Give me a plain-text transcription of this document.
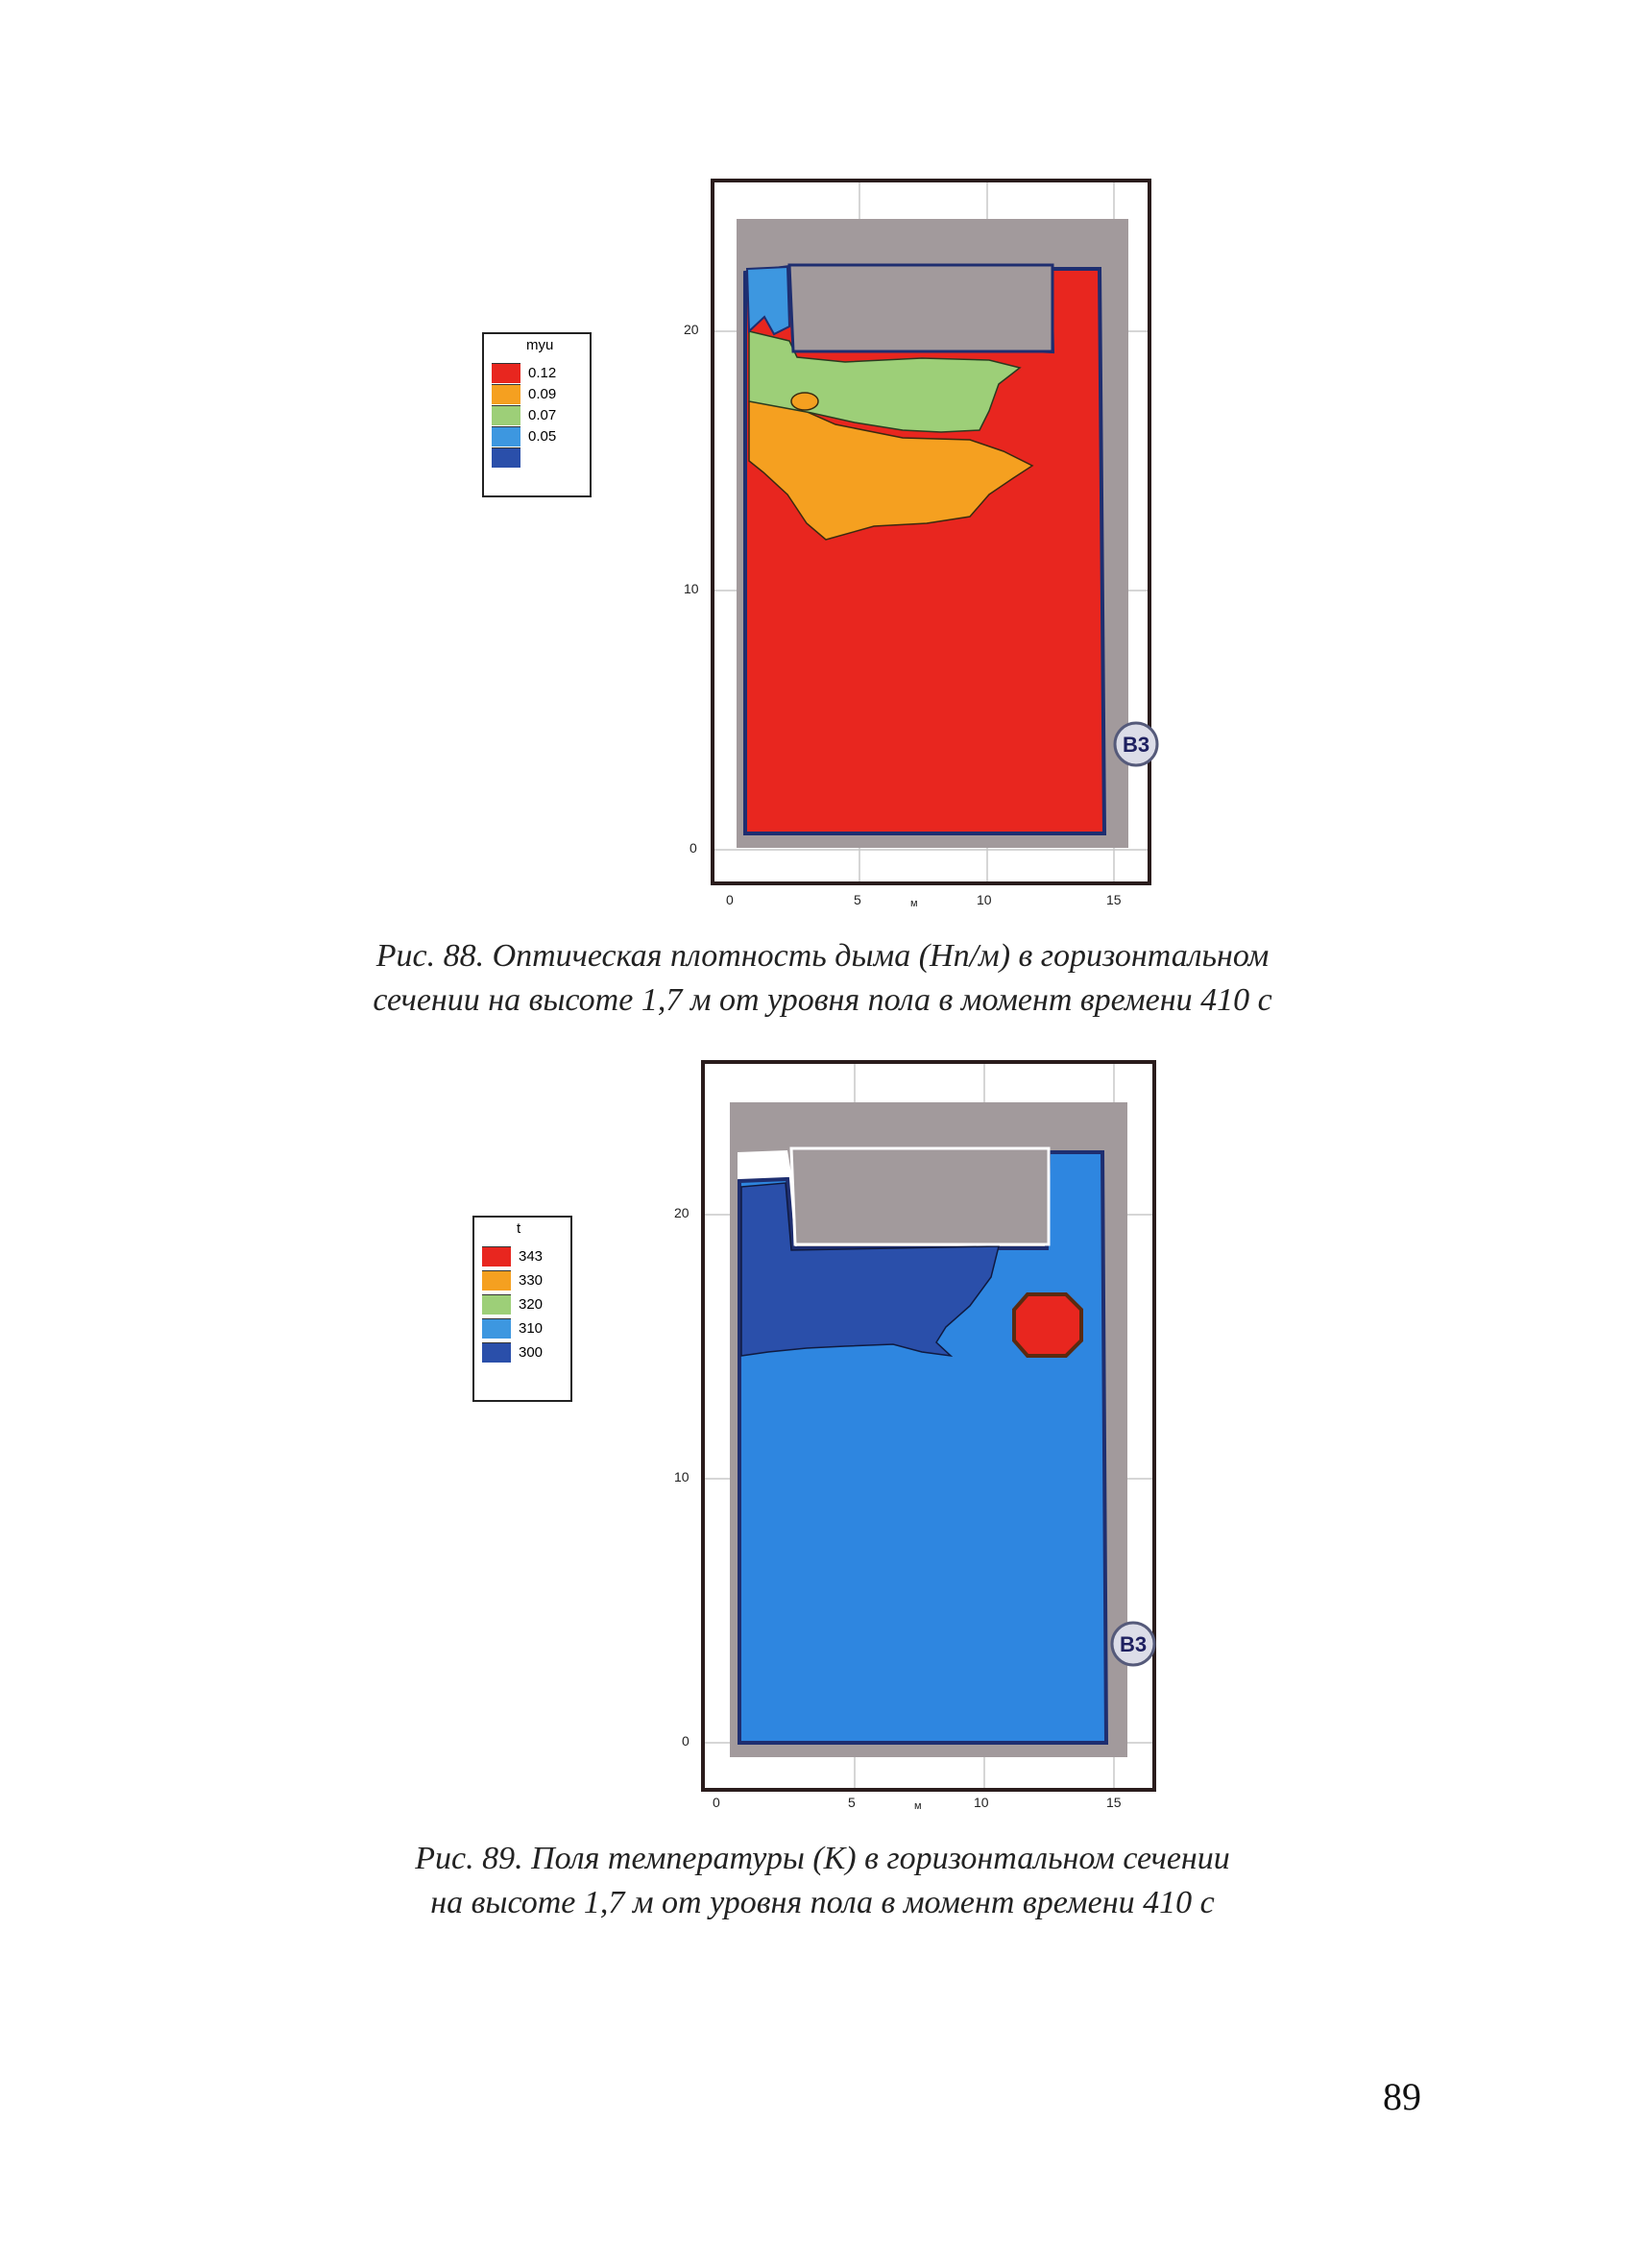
myu
0.12
0.09
0.07
0.05
20
10
0
0	5	10	15
м
B3
Рис. 88. Оптическая плотность дыма (Нп/м) в горизонтальном
сечении на высоте 1,7 м от уровня пола в момент времени 410 с
t
343
330
320
310
300
20
10
0
0	5	10	15
м
B3
Рис. 89. Поля температуры (К) в горизонтальном сечении
на высоте 1,7 м от уровня пола в момент времени 410 с
89
